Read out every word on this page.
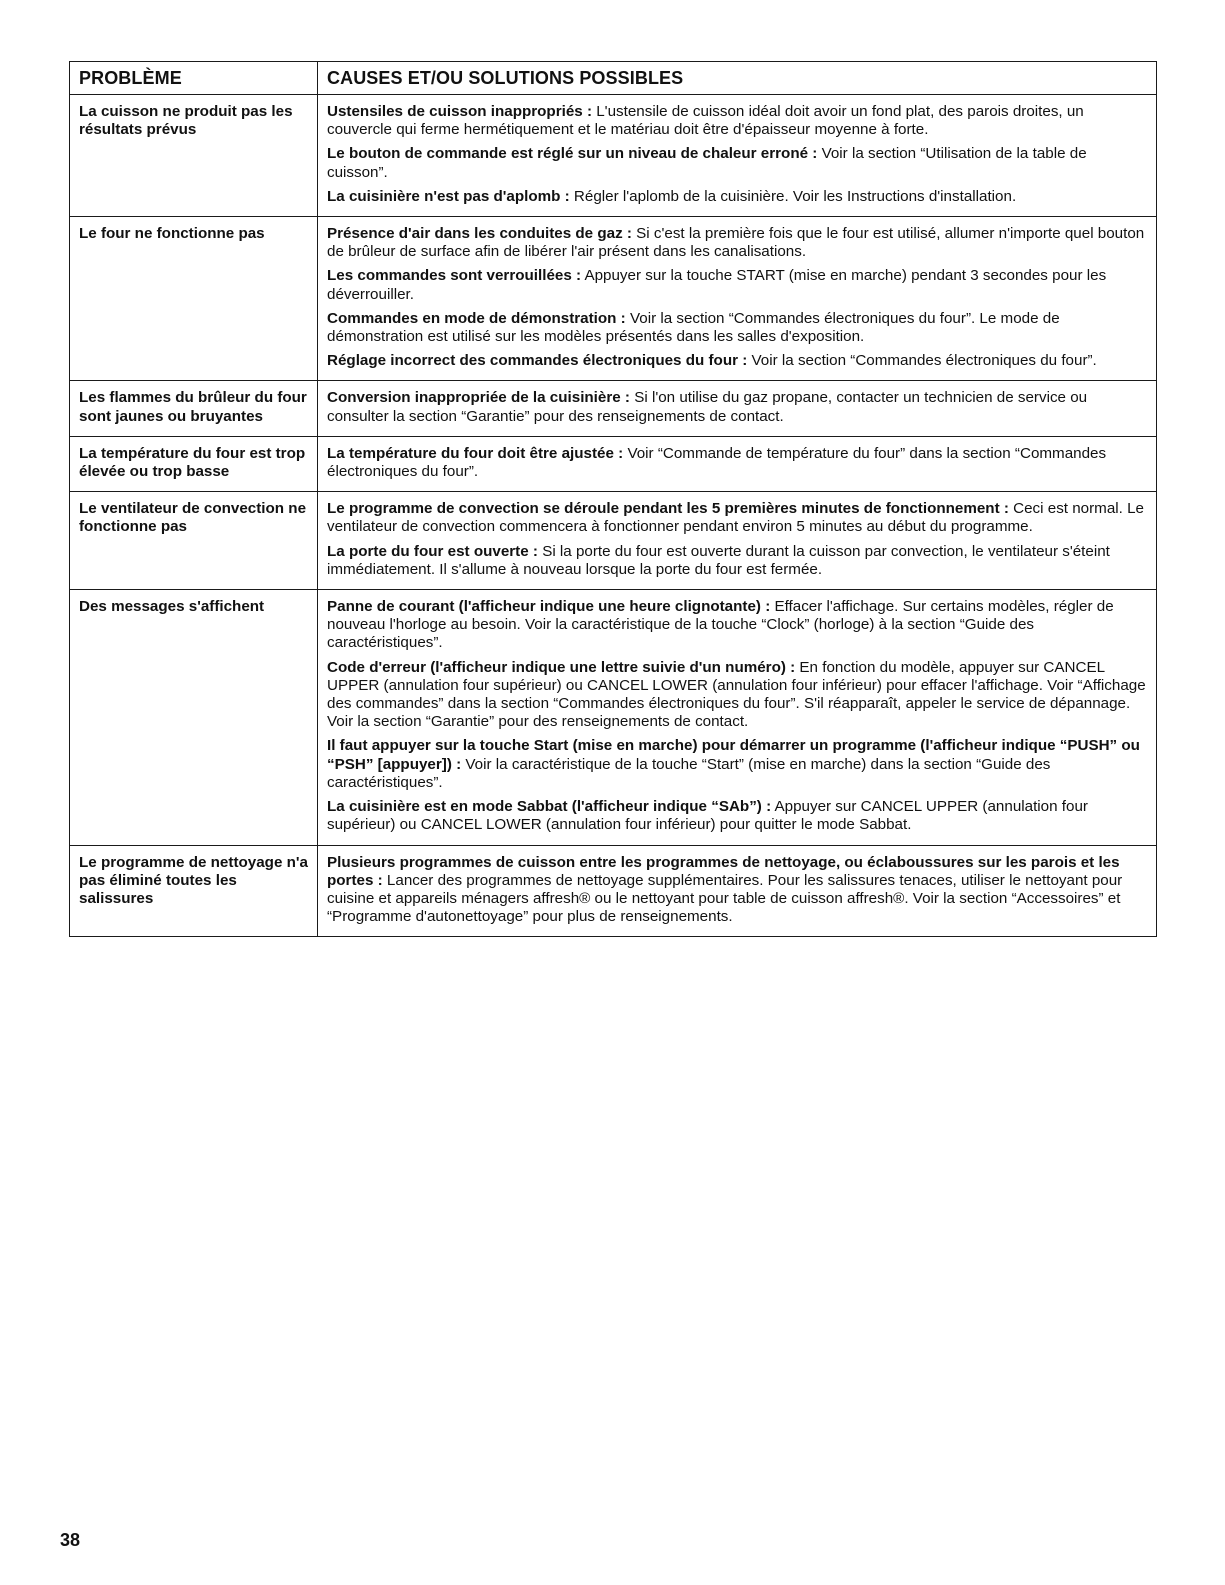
PROBLÈME	CAUSES ET/OU SOLUTIONS POSSIBLES
La cuisson ne produit pas les résultats prévus	Ustensiles de cuisson inappropriés : L'ustensile de cuisson idéal doit avoir un fond plat, des parois droites, un couvercle qui ferme hermétiquement et le matériau doit être d'épaisseur moyenne à forte.

Le bouton de commande est réglé sur un niveau de chaleur erroné : Voir la section “Utilisation de la table de cuisson”.

La cuisinière n'est pas d'aplomb : Régler l'aplomb de la cuisinière. Voir les Instructions d'installation.

Le four ne fonctionne pas	Présence d'air dans les conduites de gaz : Si c'est la première fois que le four est utilisé, allumer n'importe quel bouton de brûleur de surface afin de libérer l'air présent dans les canalisations.

Les commandes sont verrouillées : Appuyer sur la touche START (mise en marche) pendant 3 secondes pour les déverrouiller.

Commandes en mode de démonstration : Voir la section “Commandes électroniques du four”. Le mode de démonstration est utilisé sur les modèles présentés dans les salles d'exposition.

Réglage incorrect des commandes électroniques du four : Voir la section “Commandes électroniques du four”.

Les flammes du brûleur du four sont jaunes ou bruyantes	Conversion inappropriée de la cuisinière : Si l'on utilise du gaz propane, contacter un technicien de service ou consulter la section “Garantie” pour des renseignements de contact.

La température du four est trop élevée ou trop basse	La température du four doit être ajustée : Voir “Commande de température du four” dans la section “Commandes électroniques du four”.

Le ventilateur de convection ne fonctionne pas	Le programme de convection se déroule pendant les 5 premières minutes de fonctionnement : Ceci est normal. Le ventilateur de convection commencera à fonctionner pendant environ 5 minutes au début du programme.

La porte du four est ouverte : Si la porte du four est ouverte durant la cuisson par convection, le ventilateur s'éteint immédiatement. Il s'allume à nouveau lorsque la porte du four est fermée.

Des messages s'affichent	Panne de courant (l'afficheur indique une heure clignotante) : Effacer l'affichage. Sur certains modèles, régler de nouveau l'horloge au besoin. Voir la caractéristique de la touche “Clock” (horloge) à la section “Guide des caractéristiques”.

Code d'erreur (l'afficheur indique une lettre suivie d'un numéro) : En fonction du modèle, appuyer sur CANCEL UPPER (annulation four supérieur) ou CANCEL LOWER (annulation four inférieur) pour effacer l'affichage. Voir “Affichage des commandes” dans la section “Commandes électroniques du four”. S'il réapparaît, appeler le service de dépannage. Voir la section “Garantie” pour des renseignements de contact.

Il faut appuyer sur la touche Start (mise en marche) pour démarrer un programme (l'afficheur indique “PUSH” ou “PSH” [appuyer]) : Voir la caractéristique de la touche “Start” (mise en marche) dans la section “Guide des caractéristiques”.

La cuisinière est en mode Sabbat (l'afficheur indique “SAb”) : Appuyer sur CANCEL UPPER (annulation four supérieur) ou CANCEL LOWER (annulation four inférieur) pour quitter le mode Sabbat.

Le programme de nettoyage n'a pas éliminé toutes les salissures	Plusieurs programmes de cuisson entre les programmes de nettoyage, ou éclaboussures sur les parois et les portes : Lancer des programmes de nettoyage supplémentaires. Pour les salissures tenaces, utiliser le nettoyant pour cuisine et appareils ménagers affresh® ou le nettoyant pour table de cuisson affresh®. Voir la section “Accessoires” et “Programme d'autonettoyage” pour plus de renseignements.

38
